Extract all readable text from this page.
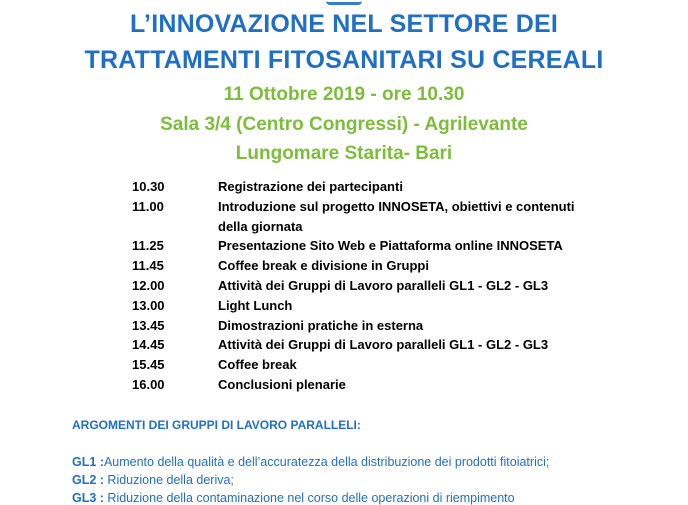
L’INNOVAZIONE NEL SETTORE DEI
TRATTAMENTI FITOSANITARI SU CEREALI
11 Ottobre 2019 - ore 10.30
Sala 3/4 (Centro Congressi) - Agrilevante
Lungomare Starita- Bari
10.30	Registrazione dei partecipanti
11.00	Introduzione sul progetto INNOSETA, obiettivi e contenuti della giornata
11.25	Presentazione Sito Web e Piattaforma online INNOSETA
11.45	Coffee break e divisione in Gruppi
12.00	Attività dei Gruppi di Lavoro paralleli GL1 - GL2 - GL3
13.00	Light Lunch
13.45	Dimostrazioni pratiche in esterna
14.45	Attività dei Gruppi di Lavoro paralleli GL1 - GL2 - GL3
15.45	Coffee break
16.00	Conclusioni plenarie
ARGOMENTI DEI GRUPPI DI LAVORO PARALLELI:
GL1 :Aumento della qualità e dell’accuratezza della distribuzione dei prodotti fitoiatrici;
GL2 : Riduzione della deriva;
GL3 : Riduzione della contaminazione nel corso delle operazioni di riempimento
